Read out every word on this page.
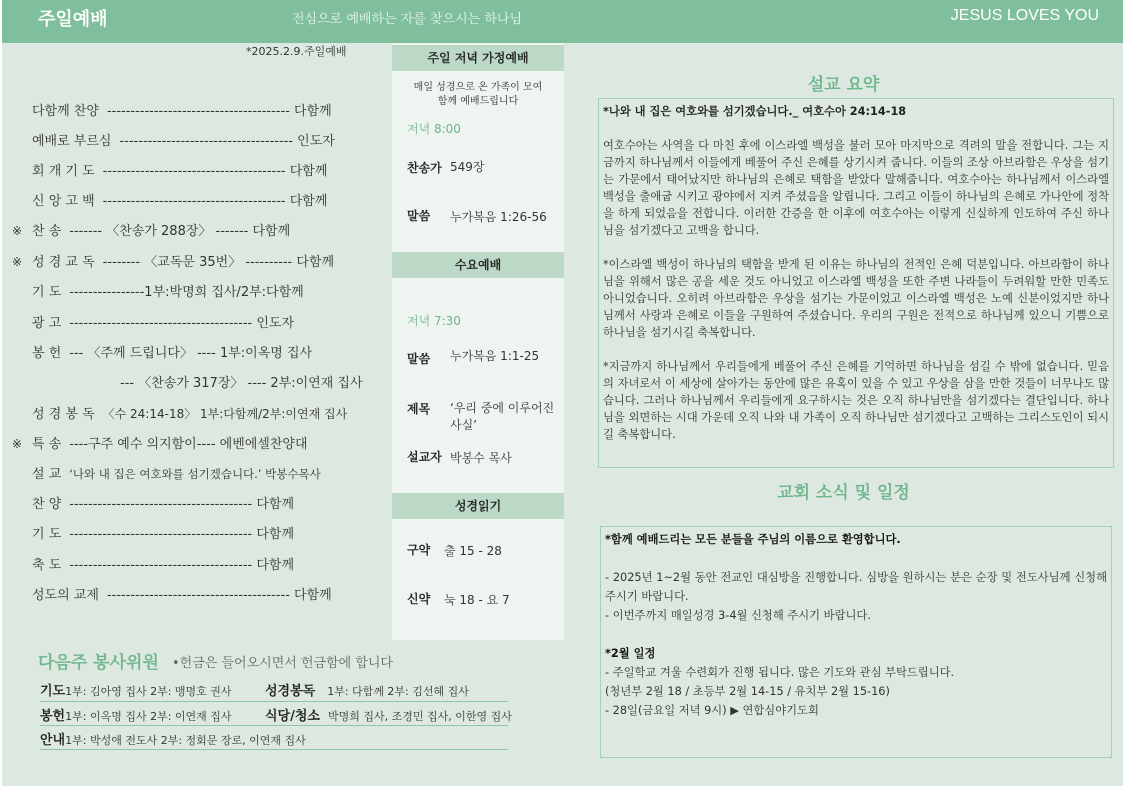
주일예배	전심으로 예배하는 자를 찾으시는 하나님	JESUS LOVES YOU
*2025.2.9.주일예배
다함께 찬양 --------------------------------------- 다함께
예배로 부르심 ------------------------------------- 인도자
회 개 기 도 --------------------------------------- 다함께
신 앙 고 백 --------------------------------------- 다함께
※ 찬 송 ------- 〈찬송가 288장〉 ------- 다함께
※ 성 경 교 독 -------- 〈교독문 35번〉 ---------- 다함께
기 도 ----------------1부:박명희 집사/2부:다함께
광 고 --------------------------------------- 인도자
봉 헌 --- 〈주께 드립니다〉 ---- 1부:이옥명 집사
--- 〈찬송가 317장〉 ---- 2부:이연재 집사
성 경 봉 독 〈수 24:14-18〉 1부:다함께/2부:이연재 집사
※ 특 송 ----구주 예수 의지함이---- 에벤에셀찬양대
설 교 ‘나와 내 집은 여호와를 섬기겠습니다.’ 박봉수목사
찬 양 --------------------------------------- 다함께
기 도 --------------------------------------- 다함께
축 도 --------------------------------------- 다함께
성도의 교제 --------------------------------------- 다함께
주일 저녁 가정예배
매일 성경으로 온 가족이 모여
함께 예배드립니다
저녁 8:00
찬송가 549장
말씀 누가복음 1:26-56
수요예배
저녁 7:30
말씀 누가복음 1:1-25
제목 ‘우리 중에 이루어진
사실’
설교자 박봉수 목사
성경읽기
구약 출 15 - 28
신약 눅 18 - 요 7
설교 요약

*나와 내 집은 여호와를 섬기겠습니다._ 여호수아 24:14-18

여호수아는 사역을 다 마친 후에 이스라엘 백성을 불러 모아 마지막으로 격려의 말을 전합니다. 그는 지금까지 하나님께서 이들에게 베풀어 주신 은혜를 상기시켜 줍니다. 이들의 조상 아브라함은 우상을 섬기는 가문에서 태어났지만 하나님의 은혜로 택함을 받았다 말해줍니다. 여호수아는 하나님께서 이스라엘 백성을 출애굽 시키고 광야에서 지켜 주셨음을 알립니다. 그리고 이들이 하나님의 은혜로 가나안에 정착을 하게 되었음을 전합니다. 이러한 간증을 한 이후에 여호수아는 이렇게 신실하게 인도하여 주신 하나님을 섬기겠다고 고백을 합니다.

*이스라엘 백성이 하나님의 택함을 받게 된 이유는 하나님의 전적인 은혜 덕분입니다. 아브라함이 하나님을 위해서 많은 공을 세운 것도 아니었고 이스라엘 백성을 또한 주변 나라들이 두려워할 만한 민족도 아니었습니다. 오히려 아브라함은 우상을 섬기는 가문이었고 이스라엘 백성은 노예 신분이었지만 하나님께서 사랑과 은혜로 이들을 구원하여 주셨습니다. 우리의 구원은 전적으로 하나님께 있으니 기쁨으로 하나님을 섬기시길 축복합니다.

*지금까지 하나님께서 우리들에게 베풀어 주신 은혜를 기억하면 하나님을 섬길 수 밖에 없습니다. 믿음의 자녀로서 이 세상에 살아가는 동안에 많은 유혹이 있을 수 있고 우상을 삼을 만한 것들이 너무나도 많습니다. 그러나 하나님께서 우리들에게 요구하시는 것은 오직 하나님만을 섬기겠다는 결단입니다. 하나님을 외면하는 시대 가운데 오직 나와 내 가족이 오직 하나님만 섬기겠다고 고백하는 그리스도인이 되시길 축복합니다.

교회 소식 및 일정

*함께 예배드리는 모든 분들을 주님의 이름으로 환영합니다.

- 2025년 1~2월 동안 전교인 대심방을 진행합니다. 심방을 원하시는 분은 순장 및 전도사님께 신청해 주시기 바랍니다.

- 이번주까지 매일성경 3-4월 신청해 주시기 바랍니다.

*2월 일정

- 주일학교 겨울 수련회가 진행 됩니다. 많은 기도와 관심 부탁드립니다.

(청년부 2월 18 / 초등부 2월 14-15 / 유치부 2월 15-16)

- 28일(금요일 저녁 9시) ▶ 연합심야기도회

다음주 봉사위원 •헌금은 들어오시면서 헌금함에 합니다
기도1부: 김아영 집사 2부: 맹명호 권사	성경봉독 1부: 다함께 2부: 김선혜 집사
봉헌1부: 이옥명 집사 2부: 이연재 집사	식당/청소 박명희 집사, 조경민 집사, 이한영 집사
안내1부: 박성애 전도사 2부: 정회문 장로, 이연재 집사
